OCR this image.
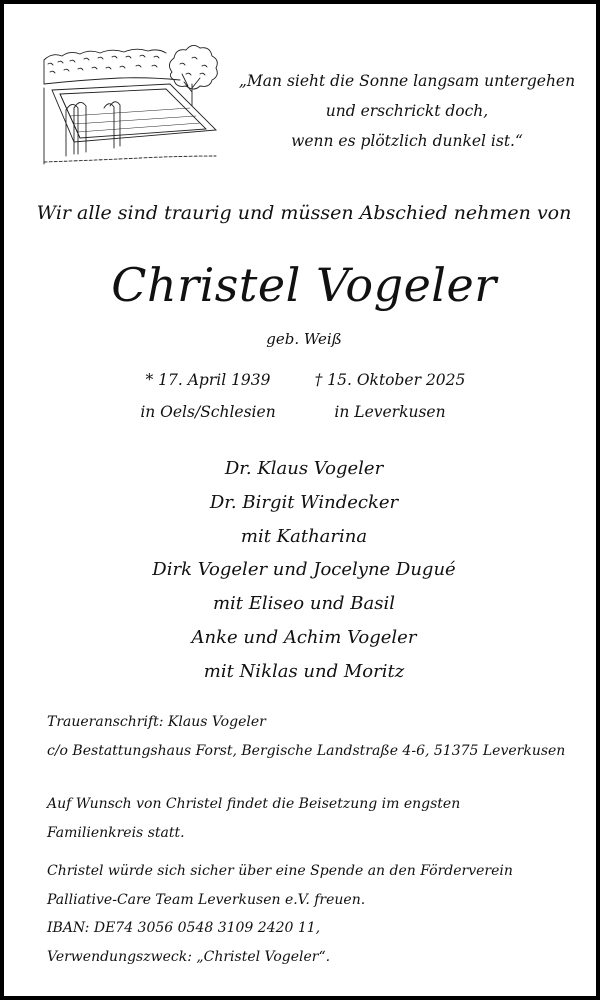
„Man sieht die Sonne langsam untergehen
und erschrickt doch,
wenn es plötzlich dunkel ist.“
Wir alle sind traurig und müssen Abschied nehmen von
Christel Vogeler
geb. Weiß
* 17. April 1939
in Oels/Schlesien
† 15. Oktober 2025
in Leverkusen
Dr. Klaus Vogeler
Dr. Birgit Windecker
mit Katharina
Dirk Vogeler und Jocelyne Dugué
mit Eliseo und Basil
Anke und Achim Vogeler
mit Niklas und Moritz
Traueranschrift: Klaus Vogeler
c/o Bestattungshaus Forst, Bergische Landstraße 4-6, 51375 Leverkusen
Auf Wunsch von Christel findet die Beisetzung im engsten
Familienkreis statt.
Christel würde sich sicher über eine Spende an den Förderverein
Palliative-Care Team Leverkusen e.V. freuen.
IBAN: DE74 3056 0548 3109 2420 11,
Verwendungszweck: „Christel Vogeler“.
